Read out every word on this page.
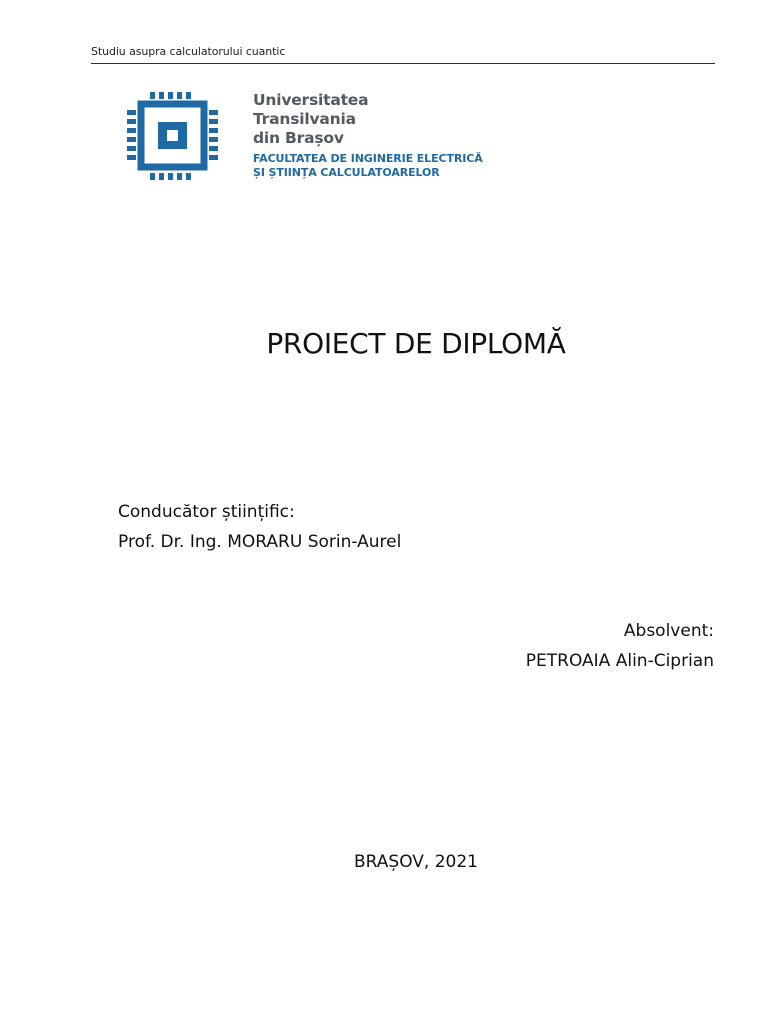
Studiu asupra calculatorului cuantic
Universitatea
Transilvania
din Brașov
FACULTATEA DE INGINERIE ELECTRICĂ
ȘI ȘTIINȚA CALCULATOARELOR
PROIECT DE DIPLOMĂ
Conducător științific:
Prof. Dr. Ing. MORARU Sorin-Aurel
Absolvent:
PETROAIA Alin-Ciprian
BRAȘOV, 2021
